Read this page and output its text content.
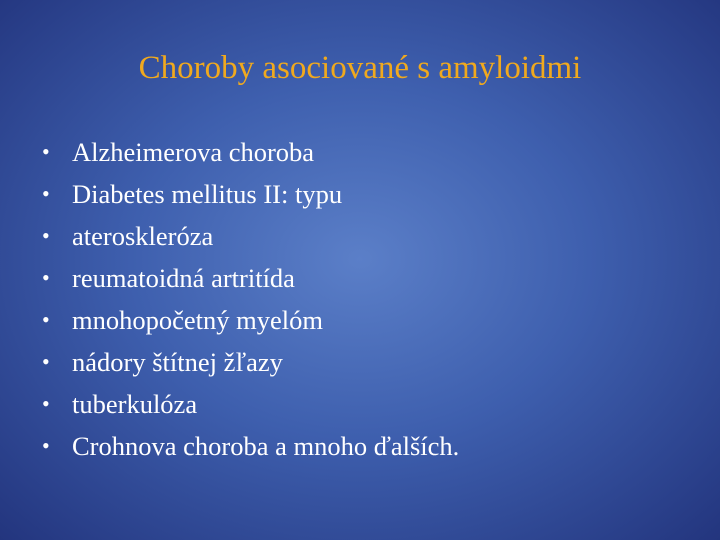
Choroby asociované s amyloidmi
• Alzheimerova choroba
• Diabetes mellitus II: typu
• ateroskleróza
• reumatoidná artritída
• mnohopočetný myelóm
• nádory štítnej žľazy
• tuberkulóza
• Crohnova choroba a mnoho ďalších.
